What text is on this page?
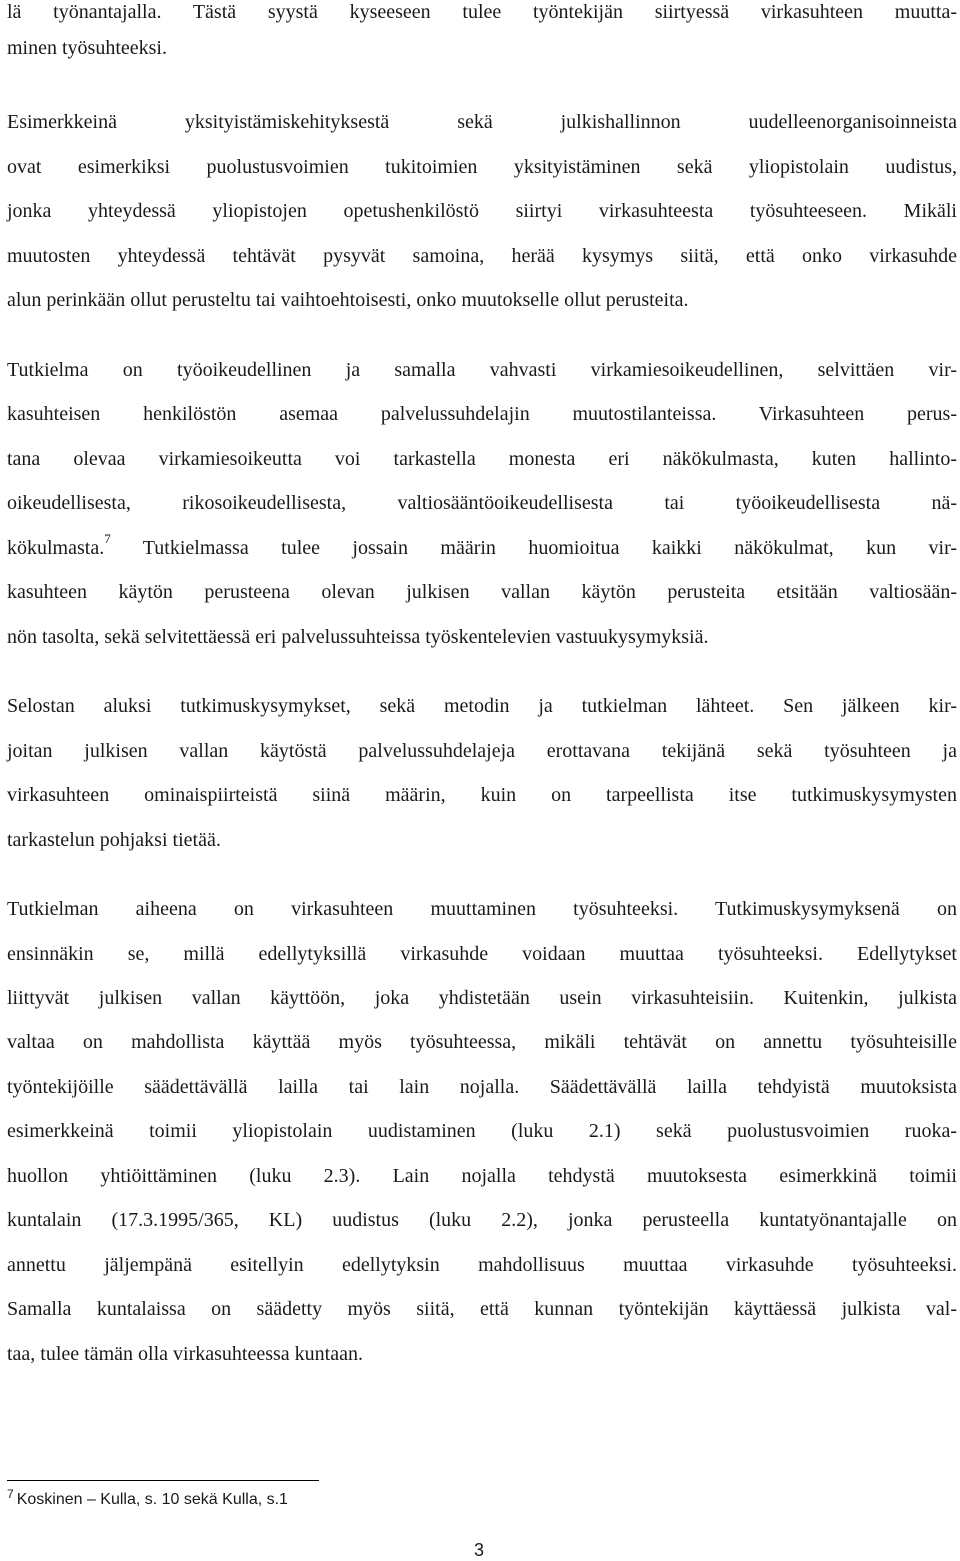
lä työnantajalla. Tästä syystä kyseeseen tulee työntekijän siirtyessä virkasuhteen muutta-
minen työsuhteeksi.
Esimerkkeinä yksityistämiskehityksestä sekä julkishallinnon uudelleenorganisoinneista
ovat esimerkiksi puolustusvoimien tukitoimien yksityistäminen sekä yliopistolain uudistus,
jonka yhteydessä yliopistojen opetushenkilöstö siirtyi virkasuhteesta työsuhteeseen. Mikäli
muutosten yhteydessä tehtävät pysyvät samoina, herää kysymys siitä, että onko virkasuhde
alun perinkään ollut perusteltu tai vaihtoehtoisesti, onko muutokselle ollut perusteita.
Tutkielma on työoikeudellinen ja samalla vahvasti virkamiesoikeudellinen, selvittäen vir-
kasuhteisen henkilöstön asemaa palvelussuhdelajin muutostilanteissa. Virkasuhteen perus-
tana olevaa virkamiesoikeutta voi tarkastella monesta eri näkökulmasta, kuten hallinto-
oikeudellisesta, rikosoikeudellisesta, valtiosääntöoikeudellisesta tai työoikeudellisesta nä-
kökulmasta.$^7$ Tutkielmassa tulee jossain määrin huomioitua kaikki näkökulmat, kun vir-
kasuhteen käytön perusteena olevan julkisen vallan käytön perusteita etsitään valtiosään-
nön tasolta, sekä selvitettäessä eri palvelussuhteissa työskentelevien vastuukysymyksiä.
Selostan aluksi tutkimuskysymykset, sekä metodin ja tutkielman lähteet. Sen jälkeen kir-
joitan julkisen vallan käytöstä palvelussuhdelajeja erottavana tekijänä sekä työsuhteen ja
virkasuhteen ominaispiirteistä siinä määrin, kuin on tarpeellista itse tutkimuskysymysten
tarkastelun pohjaksi tietää.
Tutkielman aiheena on virkasuhteen muuttaminen työsuhteeksi. Tutkimuskysymyksenä on
ensinnäkin se, millä edellytyksillä virkasuhde voidaan muuttaa työsuhteeksi. Edellytykset
liittyvät julkisen vallan käyttöön, joka yhdistetään usein virkasuhteisiin. Kuitenkin, julkista
valtaa on mahdollista käyttää myös työsuhteessa, mikäli tehtävät on annettu työsuhteisille
työntekijöille säädettävällä lailla tai lain nojalla. Säädettävällä lailla tehdyistä muutoksista
esimerkkeinä toimii yliopistolain uudistaminen (luku 2.1) sekä puolustusvoimien ruoka-
huollon yhtiöittäminen (luku 2.3). Lain nojalla tehdystä muutoksesta esimerkkinä toimii
kuntalain (17.3.1995/365, KL) uudistus (luku 2.2), jonka perusteella kuntatyönantajalle on
annettu jäljempänä esitellyin edellytyksin mahdollisuus muuttaa virkasuhde työsuhteeksi.
Samalla kuntalaissa on säädetty myös siitä, että kunnan työntekijän käyttäessä julkista val-
taa, tulee tämän olla virkasuhteessa kuntaan.
$^7$ Koskinen – Kulla, s. 10 sekä Kulla, s.1
3
